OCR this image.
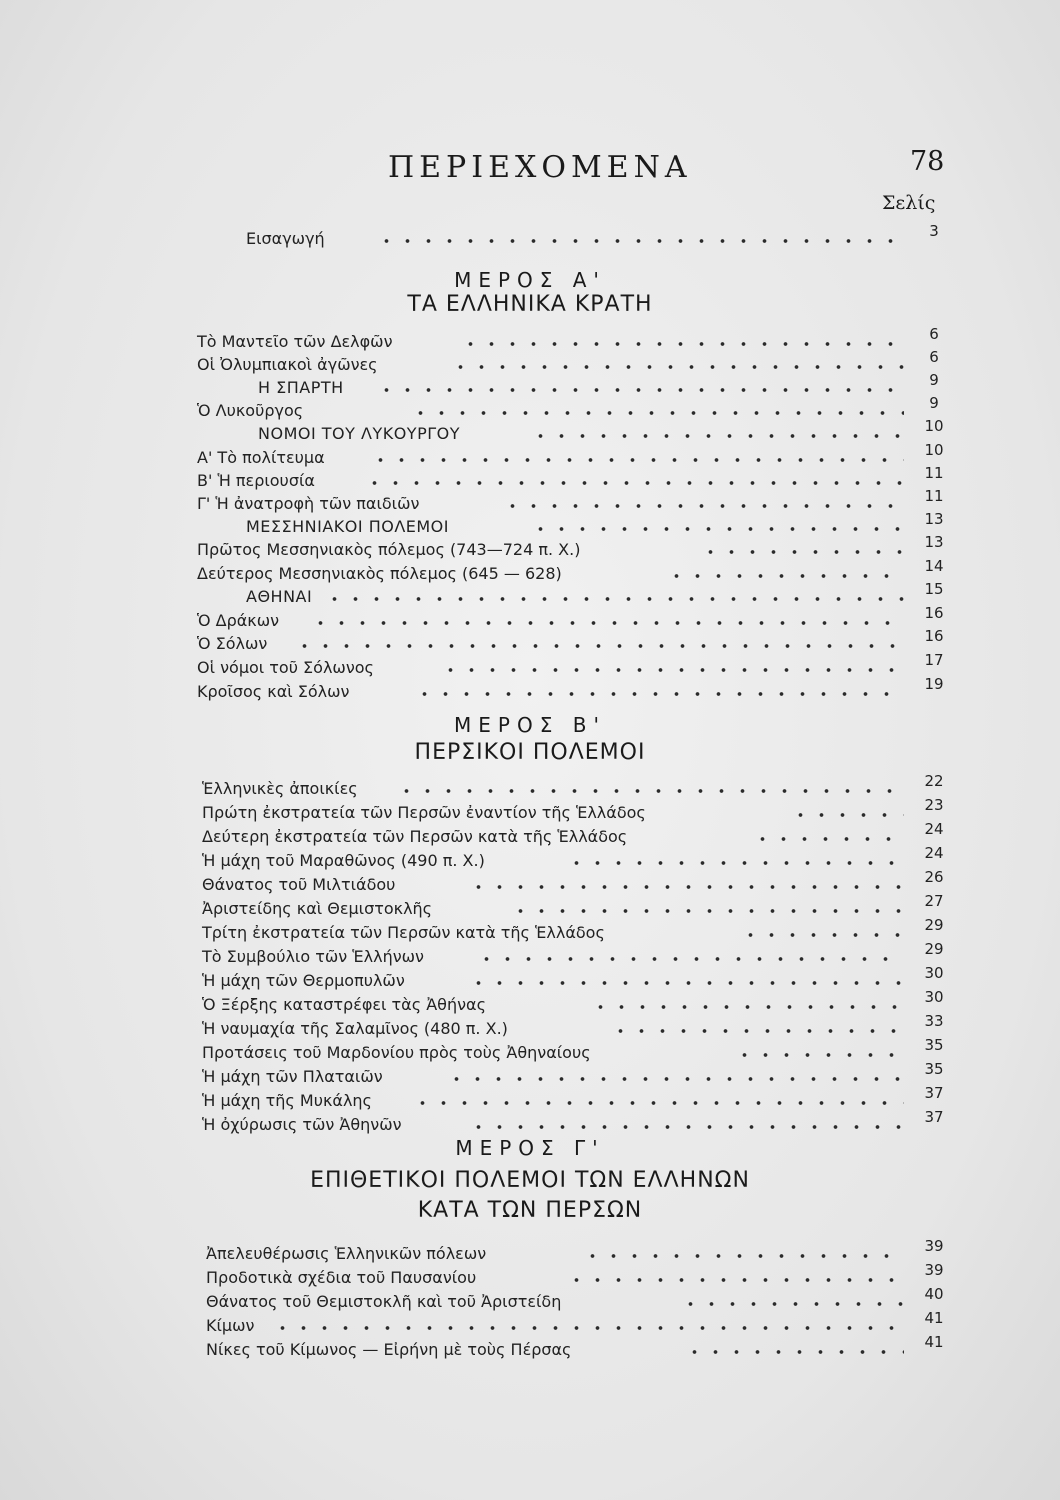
ΠΕΡΙΕΧΟΜΕΝΑ	78
Σελίς
Εισαγωγή	3
ΜΕΡΟΣ Α'
ΤΑ ΕΛΛΗΝΙΚΑ ΚΡΑΤΗ
Τὸ Μαντεῖο τῶν Δελφῶν	6
Οἱ Ὀλυμπιακοὶ ἀγῶνες	6
Η ΣΠΑΡΤΗ	9
Ὁ Λυκοῦργος	9
ΝΟΜΟΙ ΤΟΥ ΛΥΚΟΥΡΓΟΥ	10
Α' Τὸ πολίτευμα	10
Β' Ἡ περιουσία	11
Γ' Ἡ ἀνατροφὴ τῶν παιδιῶν	11
ΜΕΣΣΗΝΙΑΚΟΙ ΠΟΛΕΜΟΙ	13
Πρῶτος Μεσσηνιακὸς πόλεμος (743—724 π. Χ.)	13
Δεύτερος Μεσσηνιακὸς πόλεμος (645 — 628)	14
ΑΘΗΝΑΙ	15
Ὁ Δράκων	16
Ὁ Σόλων	16
Οἱ νόμοι τοῦ Σόλωνος	17
Κροῖσος καὶ Σόλων	19
ΜΕΡΟΣ Β'
ΠΕΡΣΙΚΟΙ ΠΟΛΕΜΟΙ
Ἑλληνικὲς ἀποικίες	22
Πρώτη ἐκστρατεία τῶν Περσῶν ἐναντίον τῆς Ἑλλάδος	23
Δεύτερη ἐκστρατεία τῶν Περσῶν κατὰ τῆς Ἑλλάδος	24
Ἡ μάχη τοῦ Μαραθῶνος (490 π. Χ.)	24
Θάνατος τοῦ Μιλτιάδου	26
Ἀριστείδης καὶ Θεμιστοκλῆς	27
Τρίτη ἐκστρατεία τῶν Περσῶν κατὰ τῆς Ἑλλάδος	29
Τὸ Συμβούλιο τῶν Ἑλλήνων	29
Ἡ μάχη τῶν Θερμοπυλῶν	30
Ὁ Ξέρξης καταστρέφει τὰς Ἀθήνας	30
Ἡ ναυμαχία τῆς Σαλαμῖνος (480 π. Χ.)	33
Προτάσεις τοῦ Μαρδονίου πρὸς τοὺς Ἀθηναίους	35
Ἡ μάχη τῶν Πλαταιῶν	35
Ἡ μάχη τῆς Μυκάλης	37
Ἡ ὀχύρωσις τῶν Ἀθηνῶν	37
ΜΕΡΟΣ Γ'
ΕΠΙΘΕΤΙΚΟΙ ΠΟΛΕΜΟΙ ΤΩΝ ΕΛΛΗΝΩΝ
ΚΑΤΑ ΤΩΝ ΠΕΡΣΩΝ
Ἀπελευθέρωσις Ἑλληνικῶν πόλεων	39
Προδοτικὰ σχέδια τοῦ Παυσανίου	39
Θάνατος τοῦ Θεμιστοκλῆ καὶ τοῦ Ἀριστείδη	40
Κίμων	41
Νίκες τοῦ Κίμωνος — Εἰρήνη μὲ τοὺς Πέρσας	41
